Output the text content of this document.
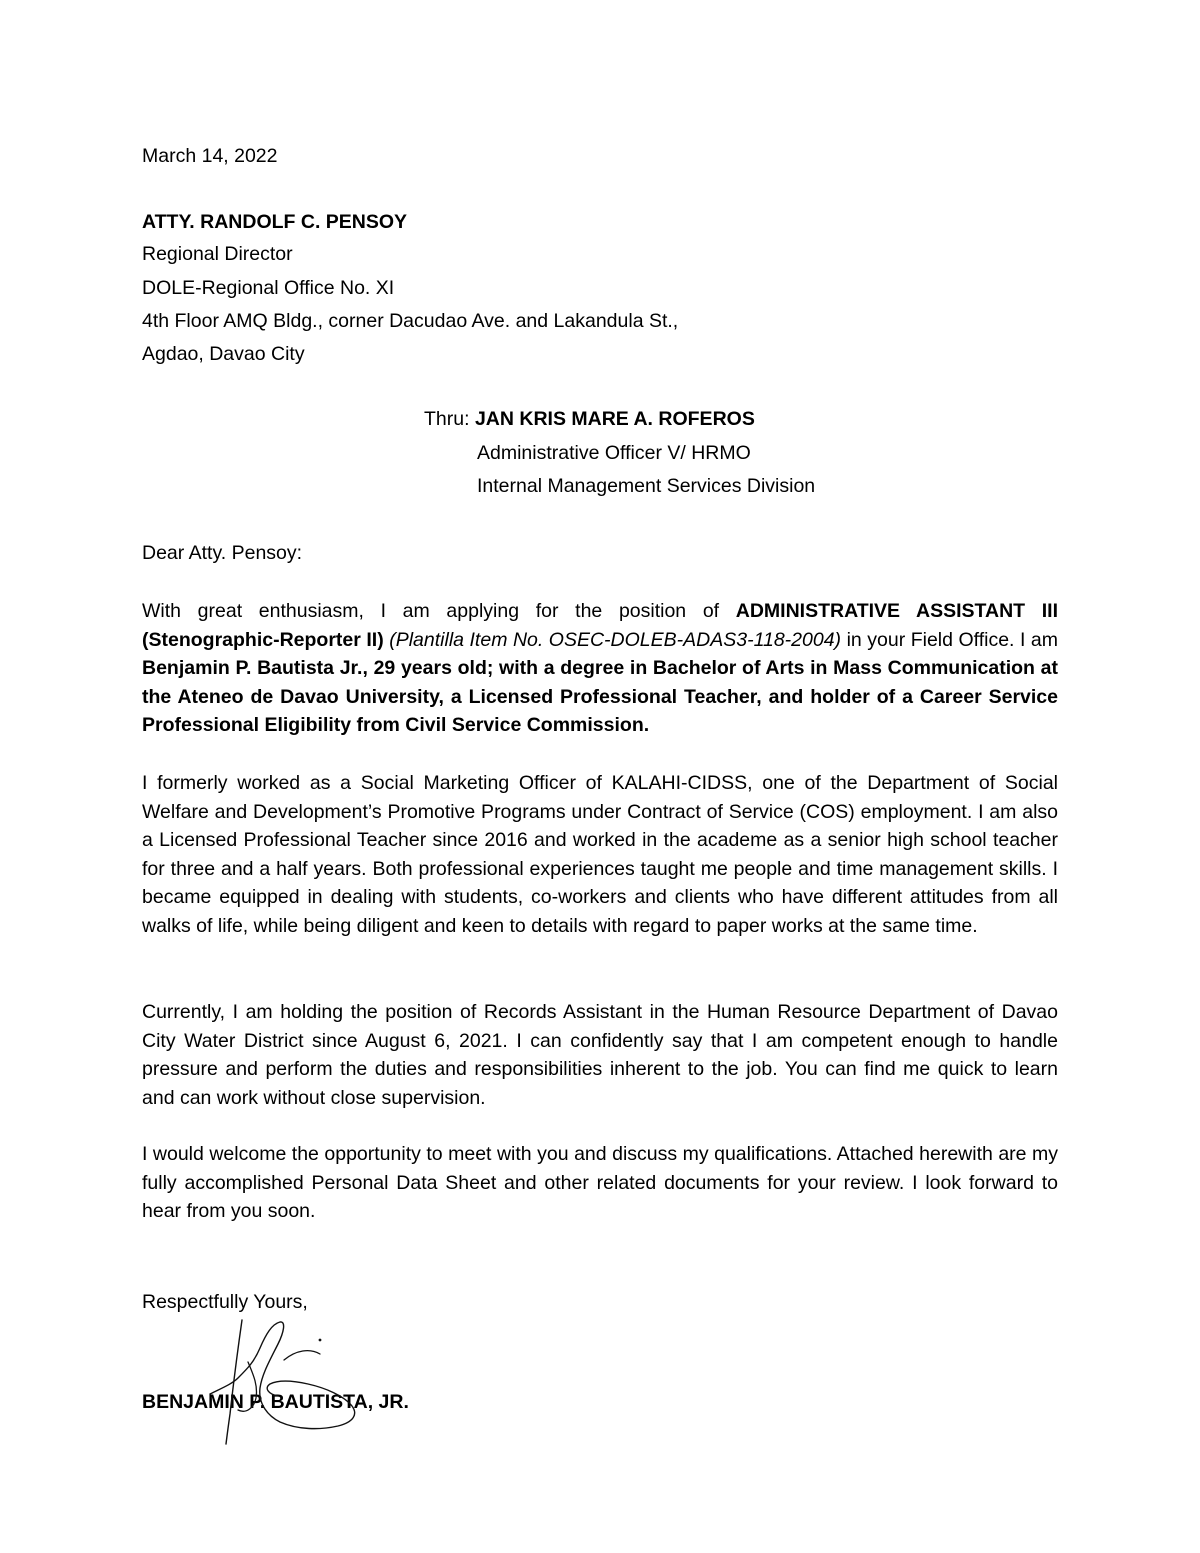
March 14, 2022
ATTY. RANDOLF C. PENSOY
Regional Director
DOLE-Regional Office No. XI
4th Floor AMQ Bldg., corner Dacudao Ave. and Lakandula St.,
Agdao, Davao City
Thru: JAN KRIS MARE A. ROFEROS
Administrative Officer V/ HRMO
Internal Management Services Division
Dear Atty. Pensoy:
With great enthusiasm, I am applying for the position of ADMINISTRATIVE ASSISTANT III (Stenographic-Reporter II) (Plantilla Item No. OSEC-DOLEB-ADAS3-118-2004) in your Field Office. I am Benjamin P. Bautista Jr., 29 years old; with a degree in Bachelor of Arts in Mass Communication at the Ateneo de Davao University, a Licensed Professional Teacher, and holder of a Career Service Professional Eligibility from Civil Service Commission.
I formerly worked as a Social Marketing Officer of KALAHI-CIDSS, one of the Department of Social Welfare and Development’s Promotive Programs under Contract of Service (COS) employment. I am also a Licensed Professional Teacher since 2016 and worked in the academe as a senior high school teacher for three and a half years. Both professional experiences taught me people and time management skills. I became equipped in dealing with students, co-workers and clients who have different attitudes from all walks of life, while being diligent and keen to details with regard to paper works at the same time.
Currently, I am holding the position of Records Assistant in the Human Resource Department of Davao City Water District since August 6, 2021. I can confidently say that I am competent enough to handle pressure and perform the duties and responsibilities inherent to the job. You can find me quick to learn and can work without close supervision.
I would welcome the opportunity to meet with you and discuss my qualifications. Attached herewith are my fully accomplished Personal Data Sheet and other related documents for your review. I look forward to hear from you soon.
Respectfully Yours,
BENJAMIN P. BAUTISTA, JR.
